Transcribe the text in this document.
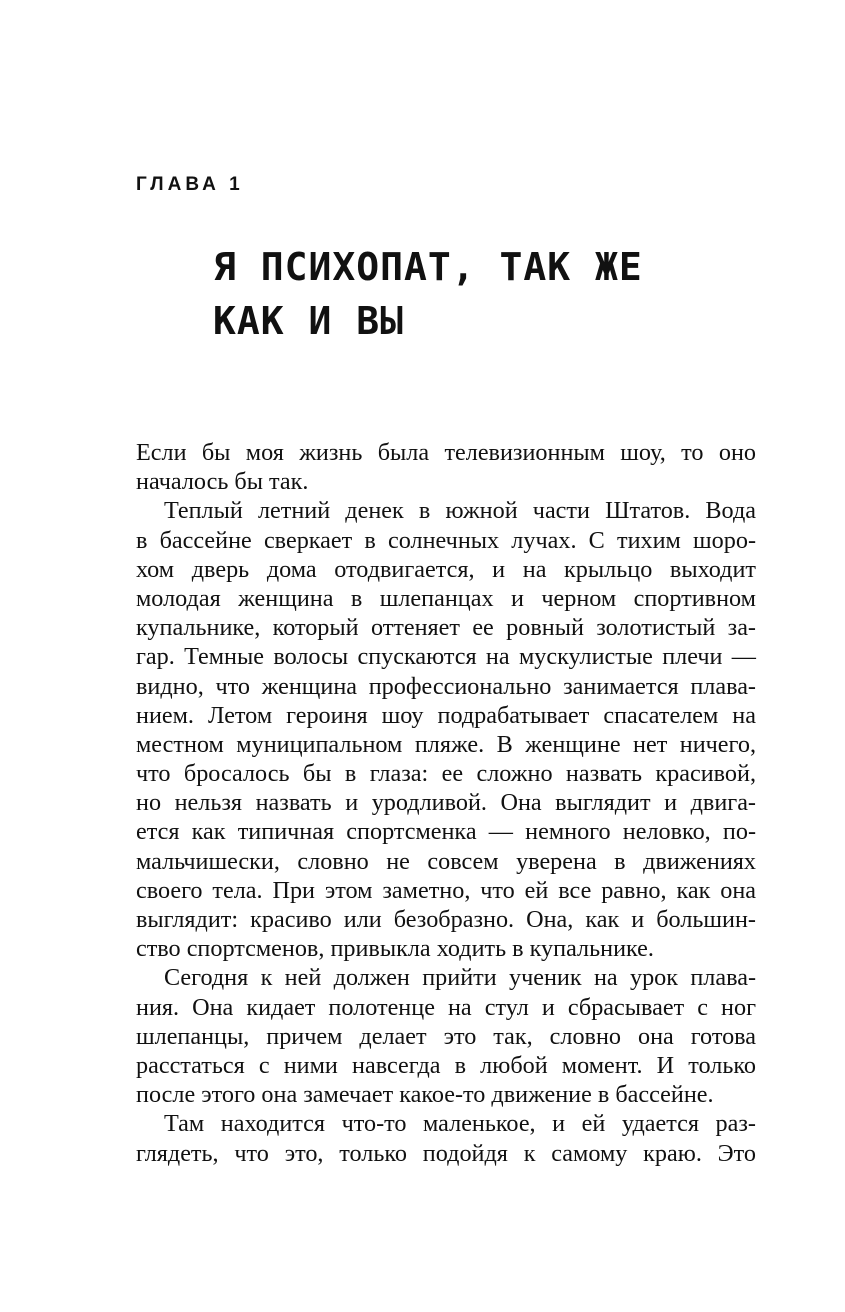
ГЛАВА 1
Я ПСИХОПАТ, ТАК ЖЕ
КАК И ВЫ
Если бы моя жизнь была телевизионным шоу, то оно
началось бы так.
Теплый летний денек в южной части Штатов. Вода
в бассейне сверкает в солнечных лучах. С тихим шоро-
хом дверь дома отодвигается, и на крыльцо выходит
молодая женщина в шлепанцах и черном спортивном
купальнике, который оттеняет ее ровный золотистый за-
гар. Темные волосы спускаются на мускулистые плечи —
видно, что женщина профессионально занимается плава-
нием. Летом героиня шоу подрабатывает спасателем на
местном муниципальном пляже. В женщине нет ничего,
что бросалось бы в глаза: ее сложно назвать красивой,
но нельзя назвать и уродливой. Она выглядит и двига-
ется как типичная спортсменка — немного неловко, по-
мальчишески, словно не совсем уверена в движениях
своего тела. При этом заметно, что ей все равно, как она
выглядит: красиво или безобразно. Она, как и большин-
ство спортсменов, привыкла ходить в купальнике.
Сегодня к ней должен прийти ученик на урок плава-
ния. Она кидает полотенце на стул и сбрасывает с ног
шлепанцы, причем делает это так, словно она готова
расстаться с ними навсегда в любой момент. И только
после этого она замечает какое-то движение в бассейне.
Там находится что-то маленькое, и ей удается раз-
глядеть, что это, только подойдя к самому краю. Это
